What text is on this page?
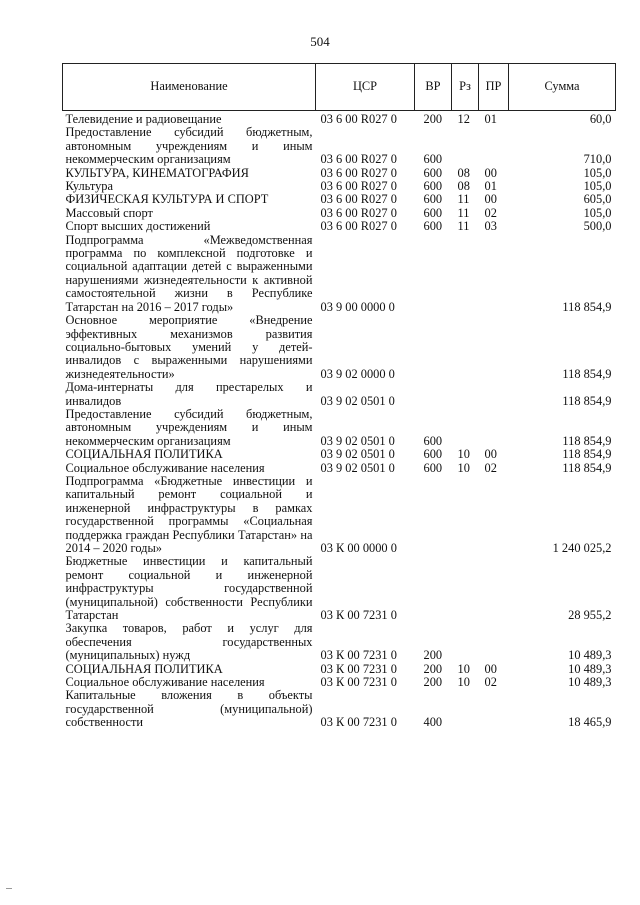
504
Наименование	ЦСР	ВР	Рз	ПР	Сумма
Телевидение и радиовещание	03 6 00 R027 0	200	12	01	60,0
Предоставление субсидий бюджетным, автономным учреждениям и иным некоммерческим организациям	03 6 00 R027 0	600			710,0
КУЛЬТУРА, КИНЕМАТОГРАФИЯ	03 6 00 R027 0	600	08	00	105,0
Культура	03 6 00 R027 0	600	08	01	105,0
ФИЗИЧЕСКАЯ КУЛЬТУРА И СПОРТ	03 6 00 R027 0	600	11	00	605,0
Массовый спорт	03 6 00 R027 0	600	11	02	105,0
Спорт высших достижений	03 6 00 R027 0	600	11	03	500,0
Подпрограмма «Межведомственная программа по комплексной подготовке и социальной адаптации детей с выраженными нарушениями жизнедеятельности к активной самостоятельной жизни в Республике Татарстан на 2016 – 2017 годы»	03 9 00 0000 0				118 854,9
Основное мероприятие «Внедрение эффективных механизмов развития социально-бытовых умений у детей-инвалидов с выраженными нарушениями жизнедеятельности»	03 9 02 0000 0				118 854,9
Дома-интернаты для престарелых и инвалидов	03 9 02 0501 0				118 854,9
Предоставление субсидий бюджетным, автономным учреждениям и иным некоммерческим организациям	03 9 02 0501 0	600			118 854,9
СОЦИАЛЬНАЯ ПОЛИТИКА	03 9 02 0501 0	600	10	00	118 854,9
Социальное обслуживание населения	03 9 02 0501 0	600	10	02	118 854,9
Подпрограмма «Бюджетные инвестиции и капитальный ремонт социальной и инженерной инфраструктуры в рамках государственной программы «Социальная поддержка граждан Республики Татарстан» на 2014 – 2020 годы»	03 К 00 0000 0				1 240 025,2
Бюджетные инвестиции и капитальный ремонт социальной и инженерной инфраструктуры государственной (муниципальной) собственности Республики Татарстан	03 К 00 7231 0				28 955,2
Закупка товаров, работ и услуг для обеспечения государственных (муниципальных) нужд	03 К 00 7231 0	200			10 489,3
СОЦИАЛЬНАЯ ПОЛИТИКА	03 К 00 7231 0	200	10	00	10 489,3
Социальное обслуживание населения	03 К 00 7231 0	200	10	02	10 489,3
Капитальные вложения в объекты государственной (муниципальной) собственности	03 К 00 7231 0	400			18 465,9
